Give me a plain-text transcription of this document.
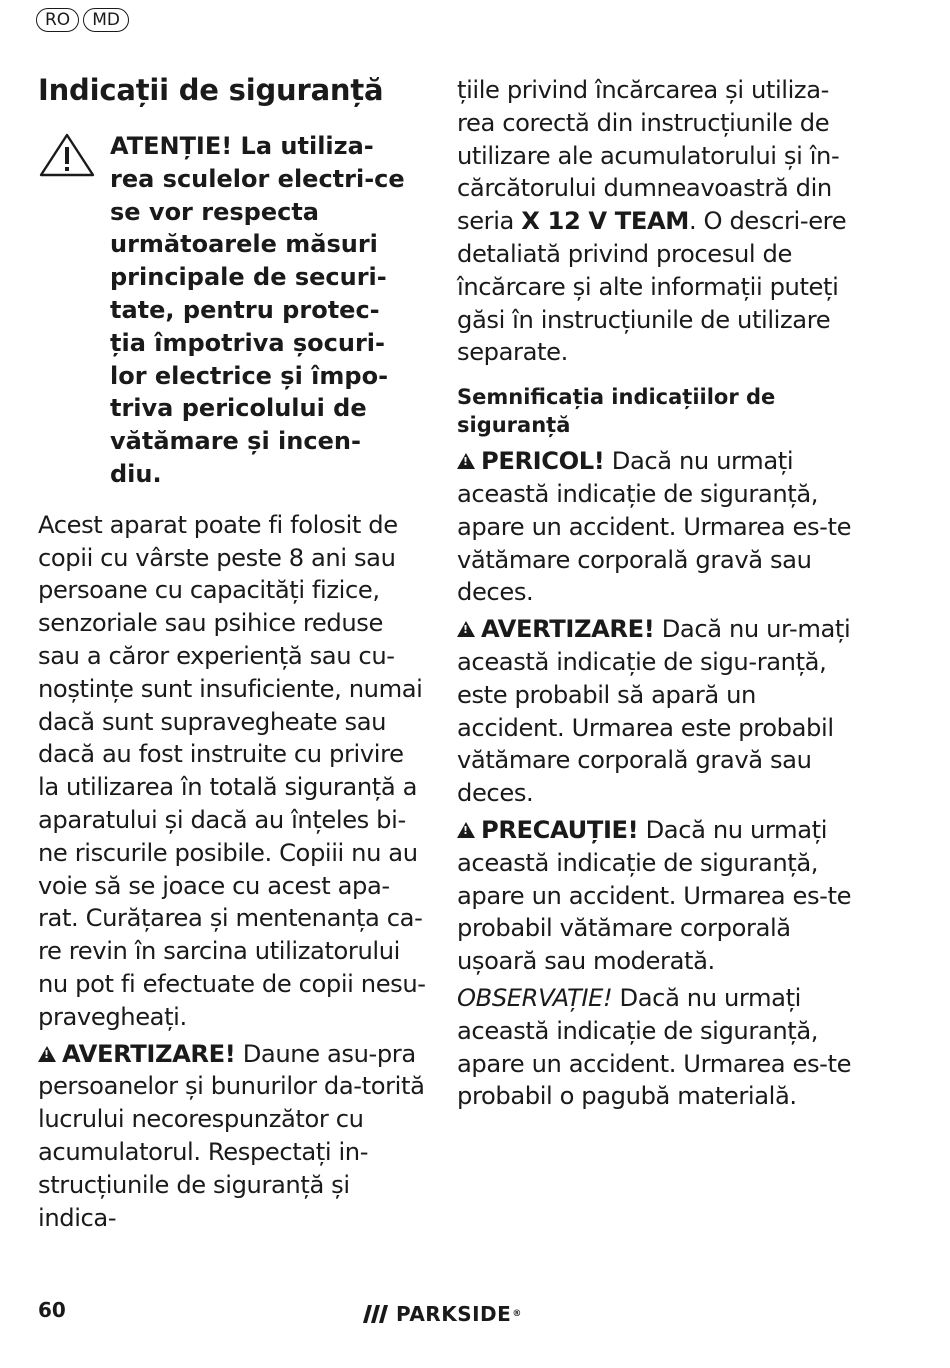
RO	MD
Indicații de siguranță
ATENȚIE! La utiliza-rea sculelor electri-ce se vor respecta următoarele măsuri principale de securi-tate, pentru protec-ția împotriva șocuri-lor electrice și împo-triva pericolului de vătămare și incen-diu.

Acest aparat poate fi folosit de copii cu vârste peste 8 ani sau persoane cu capacități fizice, senzoriale sau psihice reduse sau a căror experiență sau cu-noștințe sunt insuficiente, numai dacă sunt supravegheate sau dacă au fost instruite cu privire la utilizarea în totală siguranță a aparatului și dacă au înțeles bi-ne riscurile posibile. Copiii nu au voie să se joace cu acest apa-rat. Curățarea și mentenanța ca-re revin în sarcina utilizatorului nu pot fi efectuate de copii nesu-pravegheați.

!AVERTIZARE! Daune asu-pra persoanelor și bunurilor da-torită lucrului necorespunzător cu acumulatorul. Respectați in-strucțiunile de siguranță și indica-

țiile privind încărcarea și utiliza-rea corectă din instrucțiunile de utilizare ale acumulatorului și în-cărcătorului dumneavoastră din seria X 12 V TEAM. O descri-ere detaliată privind procesul de încărcare și alte informații puteți găsi în instrucțiunile de utilizare separate.

Semnificația indicațiilor de siguranță

!PERICOL! Dacă nu urmați această indicație de siguranță, apare un accident. Urmarea es-te vătămare corporală gravă sau deces.

!AVERTIZARE! Dacă nu ur-mați această indicație de sigu-ranță, este probabil să apară un accident. Urmarea este probabil vătămare corporală gravă sau deces.

!PRECAUȚIE! Dacă nu urmați această indicație de siguranță, apare un accident. Urmarea es-te probabil vătămare corporală ușoară sau moderată.

OBSERVAȚIE! Dacă nu urmați această indicație de siguranță, apare un accident. Urmarea es-te probabil o pagubă materială.

60	PARKSIDE ®
